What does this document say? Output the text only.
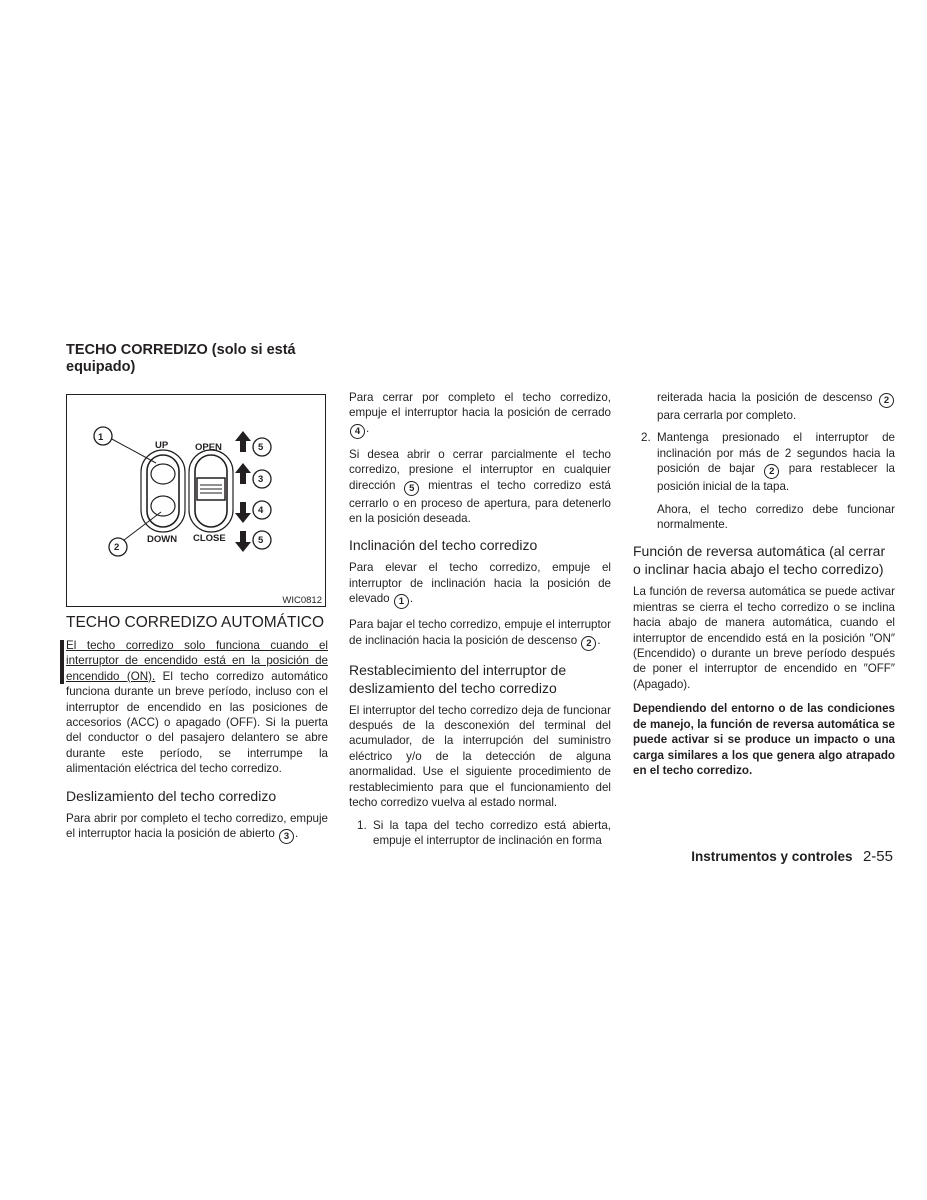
TECHO CORREDIZO (solo si está equipado)
1
2
5
3
4
5
UP
DOWN
OPEN
CLOSE
WIC0812
TECHO CORREDIZO AUTOMÁTICO

El techo corredizo solo funciona cuando el interruptor de encendido está en la posición de encendido (ON). El techo corredizo automático funciona durante un breve período, incluso con el interruptor de encendido en las posiciones de accesorios (ACC) o apagado (OFF). Si la puerta del conductor o del pasajero delantero se abre durante este período, se interrumpe la alimentación eléctrica del techo corredizo.

Deslizamiento del techo corredizo

Para abrir por completo el techo corredizo, empuje el interruptor hacia la posición de abierto 3 .

Para cerrar por completo el techo corredizo, empuje el interruptor hacia la posición de cerrado 4 .

Si desea abrir o cerrar parcialmente el techo corredizo, presione el interruptor en cualquier dirección 5 mientras el techo corredizo está cerrarlo o en proceso de apertura, para detenerlo en la posición deseada.

Inclinación del techo corredizo

Para elevar el techo corredizo, empuje el interruptor de inclinación hacia la posición de elevado 1 .

Para bajar el techo corredizo, empuje el interruptor de inclinación hacia la posición de descenso 2 .

Restablecimiento del interruptor de deslizamiento del techo corredizo

El interruptor del techo corredizo deja de funcionar después de la desconexión del terminal del acumulador, de la interrupción del suministro eléctrico y/o de la detección de alguna anormalidad. Use el siguiente procedimiento de restablecimiento para que el funcionamiento del techo corredizo vuelva al estado normal.

1. Si la tapa del techo corredizo está abierta, empuje el interruptor de inclinación en forma
reiterada hacia la posición de descenso 2 para cerrarla por completo.
2. Mantenga presionado el interruptor de inclinación por más de 2 segundos hacia la posición de bajar 2 para restablecer la posición inicial de la tapa.

Ahora, el techo corredizo debe funcionar normalmente.

Función de reversa automática (al cerrar o inclinar hacia abajo el techo corredizo)

La función de reversa automática se puede activar mientras se cierra el techo corredizo o se inclina hacia abajo de manera automática, cuando el interruptor de encendido está en la posición ″ON″ (Encendido) o durante un breve período después de poner el interruptor de encendido en ″OFF″ (Apagado).

Dependiendo del entorno o de las condiciones de manejo, la función de reversa automática se puede activar si se produce un impacto o una carga similares a los que genera algo atrapado en el techo corredizo.

Instrumentos y controles 2-55
